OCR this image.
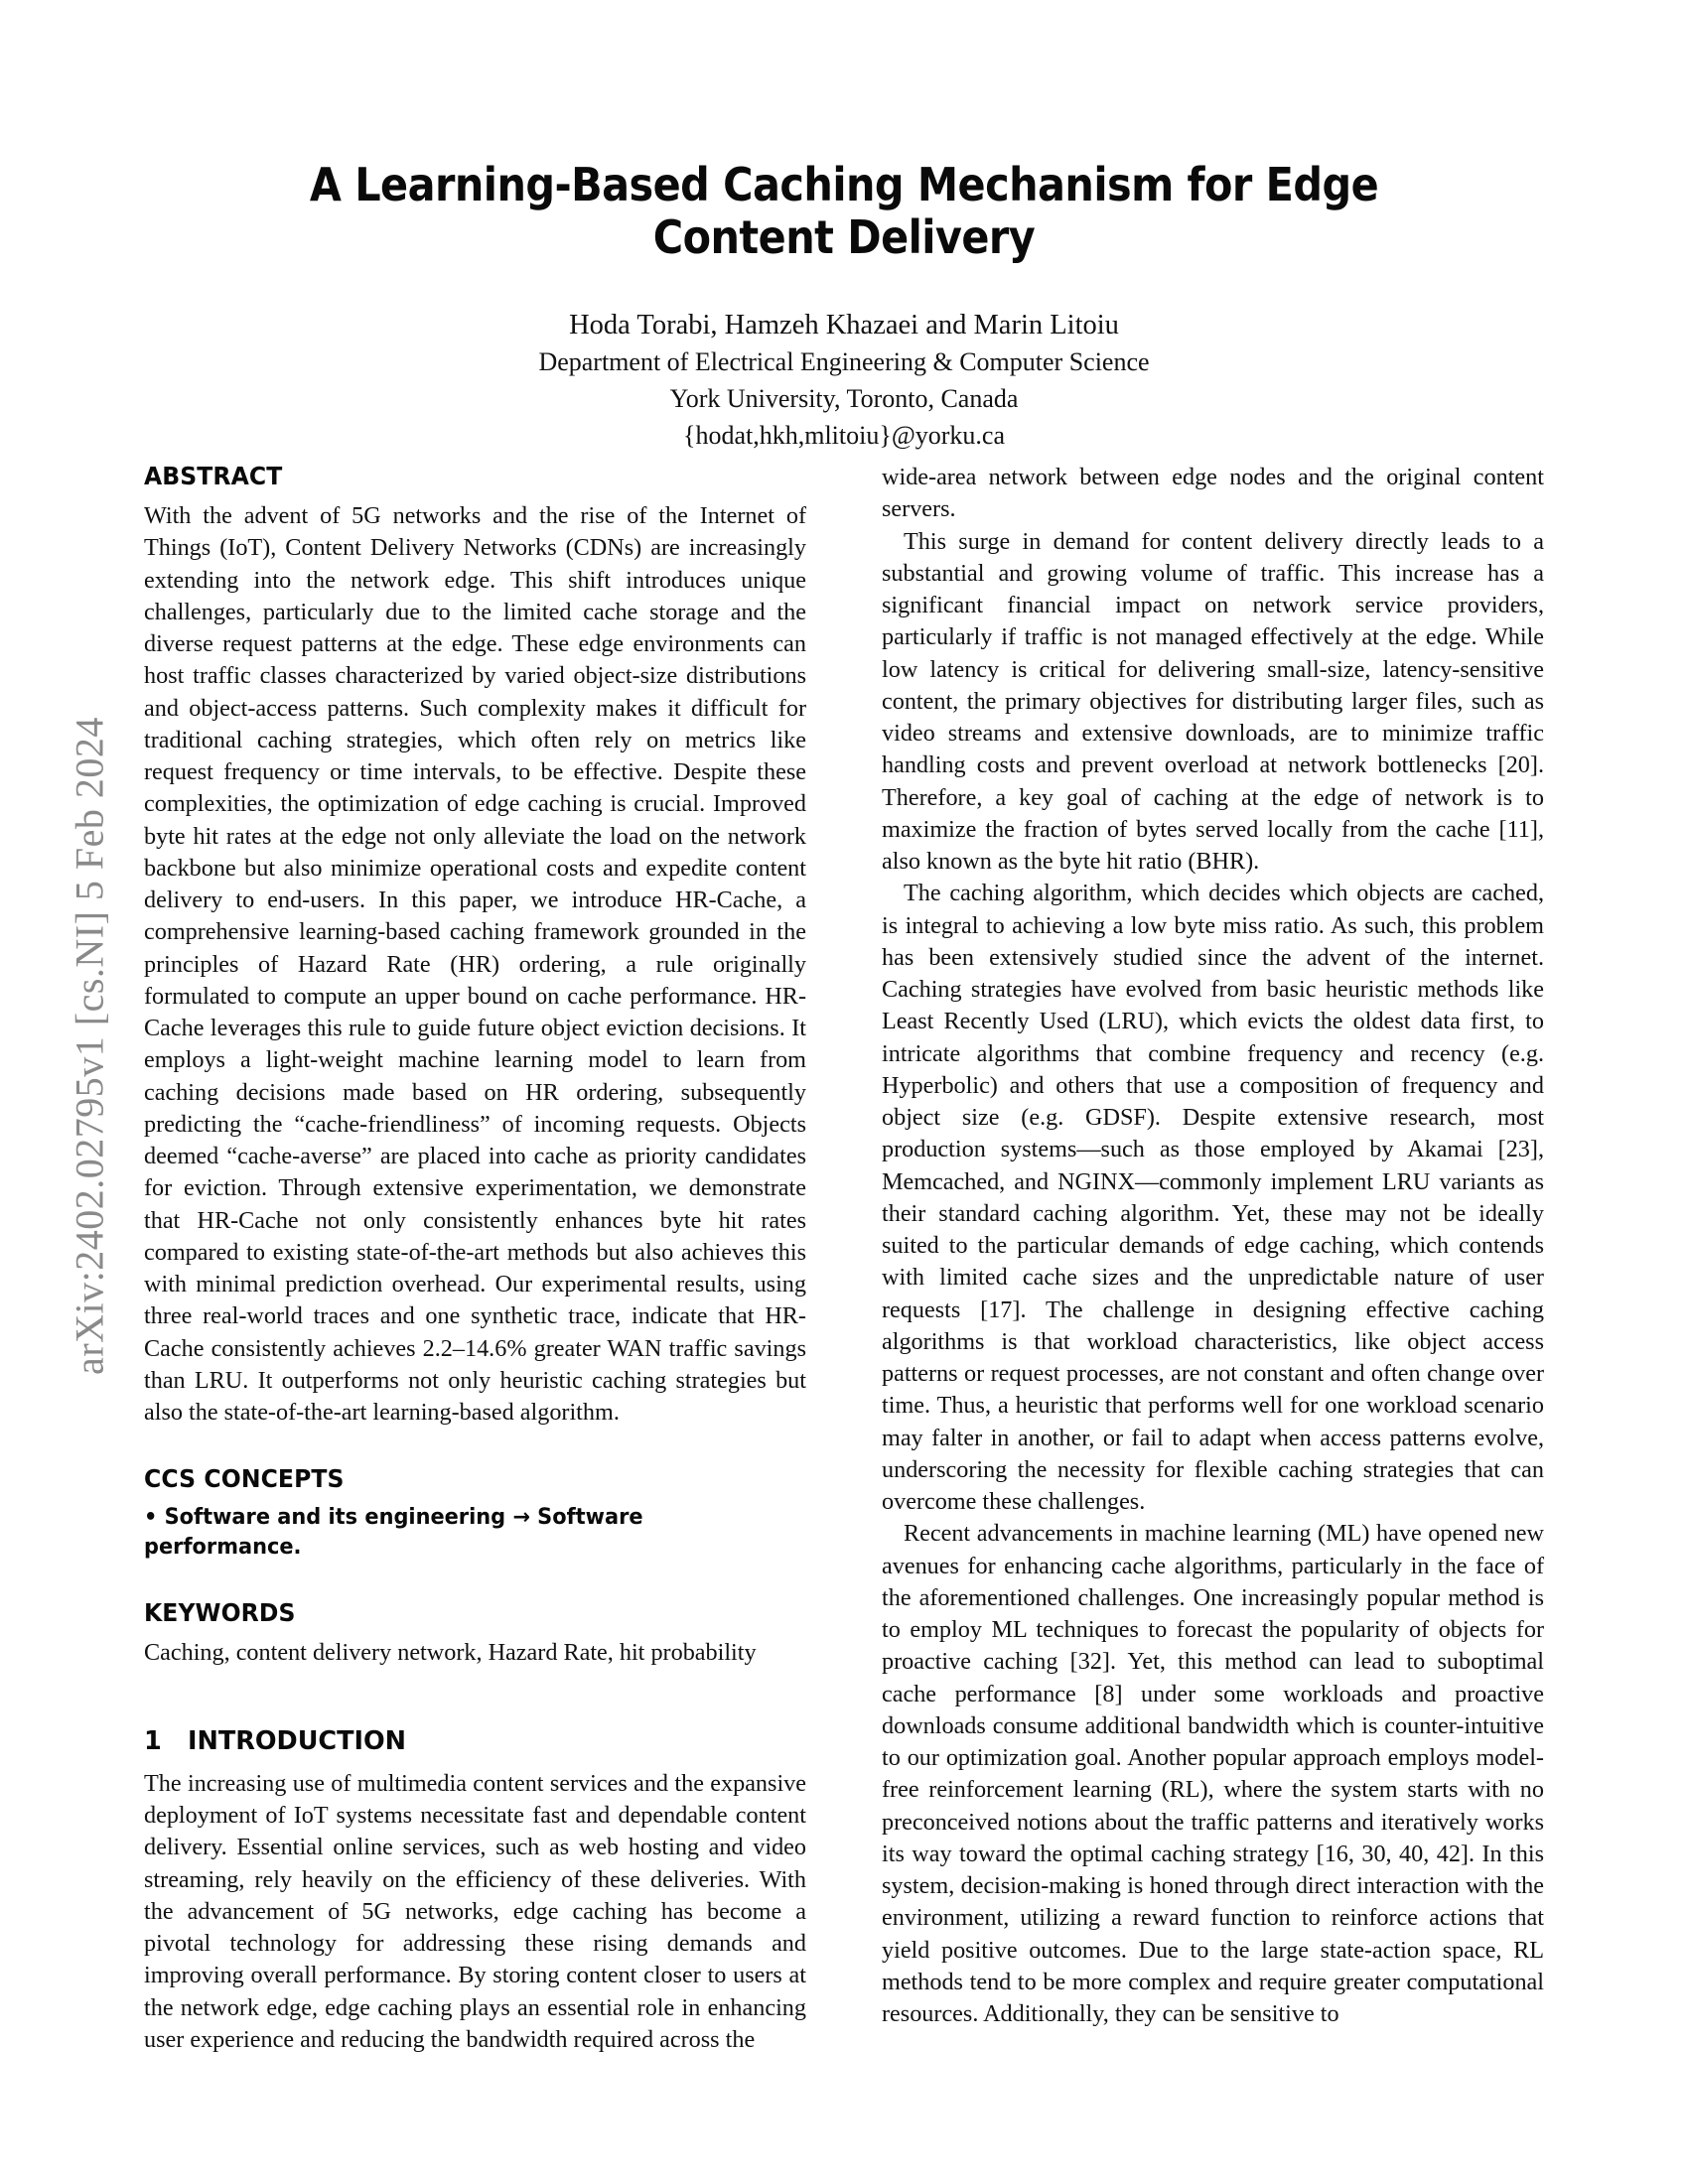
arXiv:2402.02795v1 [cs.NI] 5 Feb 2024
A Learning-Based Caching Mechanism for Edge Content Delivery
Hoda Torabi, Hamzeh Khazaei and Marin Litoiu
Department of Electrical Engineering & Computer Science
York University, Toronto, Canada
{hodat,hkh,mlitoiu}@yorku.ca
ABSTRACT

With the advent of 5G networks and the rise of the Internet of Things (IoT), Content Delivery Networks (CDNs) are increasingly extending into the network edge. This shift introduces unique challenges, particularly due to the limited cache storage and the diverse request patterns at the edge. These edge environments can host traffic classes characterized by varied object-size distributions and object-access patterns. Such complexity makes it difficult for traditional caching strategies, which often rely on metrics like request frequency or time intervals, to be effective. Despite these complexities, the optimization of edge caching is crucial. Improved byte hit rates at the edge not only alleviate the load on the network backbone but also minimize operational costs and expedite content delivery to end-users. In this paper, we introduce HR-Cache, a comprehensive learning-based caching framework grounded in the principles of Hazard Rate (HR) ordering, a rule originally formulated to compute an upper bound on cache performance. HR-Cache leverages this rule to guide future object eviction decisions. It employs a light-weight machine learning model to learn from caching decisions made based on HR ordering, subsequently predicting the “cache-friendliness” of incoming requests. Objects deemed “cache-averse” are placed into cache as priority candidates for eviction. Through extensive experimentation, we demonstrate that HR-Cache not only consistently enhances byte hit rates compared to existing state-of-the-art methods but also achieves this with minimal prediction overhead. Our experimental results, using three real-world traces and one synthetic trace, indicate that HR-Cache consistently achieves 2.2–14.6% greater WAN traffic savings than LRU. It outperforms not only heuristic caching strategies but also the state-of-the-art learning-based algorithm.

CCS CONCEPTS

• Software and its engineering → Software performance.

KEYWORDS

Caching, content delivery network, Hazard Rate, hit probability

1 INTRODUCTION

The increasing use of multimedia content services and the expansive deployment of IoT systems necessitate fast and dependable content delivery. Essential online services, such as web hosting and video streaming, rely heavily on the efficiency of these deliveries. With the advancement of 5G networks, edge caching has become a pivotal technology for addressing these rising demands and improving overall performance. By storing content closer to users at the network edge, edge caching plays an essential role in enhancing user experience and reducing the bandwidth required across the

wide-area network between edge nodes and the original content servers.

This surge in demand for content delivery directly leads to a substantial and growing volume of traffic. This increase has a significant financial impact on network service providers, particularly if traffic is not managed effectively at the edge. While low latency is critical for delivering small-size, latency-sensitive content, the primary objectives for distributing larger files, such as video streams and extensive downloads, are to minimize traffic handling costs and prevent overload at network bottlenecks [20]. Therefore, a key goal of caching at the edge of network is to maximize the fraction of bytes served locally from the cache [11], also known as the byte hit ratio (BHR).

The caching algorithm, which decides which objects are cached, is integral to achieving a low byte miss ratio. As such, this problem has been extensively studied since the advent of the internet. Caching strategies have evolved from basic heuristic methods like Least Recently Used (LRU), which evicts the oldest data first, to intricate algorithms that combine frequency and recency (e.g. Hyperbolic) and others that use a composition of frequency and object size (e.g. GDSF). Despite extensive research, most production systems—such as those employed by Akamai [23], Memcached, and NGINX—commonly implement LRU variants as their standard caching algorithm. Yet, these may not be ideally suited to the particular demands of edge caching, which contends with limited cache sizes and the unpredictable nature of user requests [17]. The challenge in designing effective caching algorithms is that workload characteristics, like object access patterns or request processes, are not constant and often change over time. Thus, a heuristic that performs well for one workload scenario may falter in another, or fail to adapt when access patterns evolve, underscoring the necessity for flexible caching strategies that can overcome these challenges.

Recent advancements in machine learning (ML) have opened new avenues for enhancing cache algorithms, particularly in the face of the aforementioned challenges. One increasingly popular method is to employ ML techniques to forecast the popularity of objects for proactive caching [32]. Yet, this method can lead to suboptimal cache performance [8] under some workloads and proactive downloads consume additional bandwidth which is counter-intuitive to our optimization goal. Another popular approach employs model-free reinforcement learning (RL), where the system starts with no preconceived notions about the traffic patterns and iteratively works its way toward the optimal caching strategy [16, 30, 40, 42]. In this system, decision-making is honed through direct interaction with the environment, utilizing a reward function to reinforce actions that yield positive outcomes. Due to the large state-action space, RL methods tend to be more complex and require greater computational resources. Additionally, they can be sensitive to
